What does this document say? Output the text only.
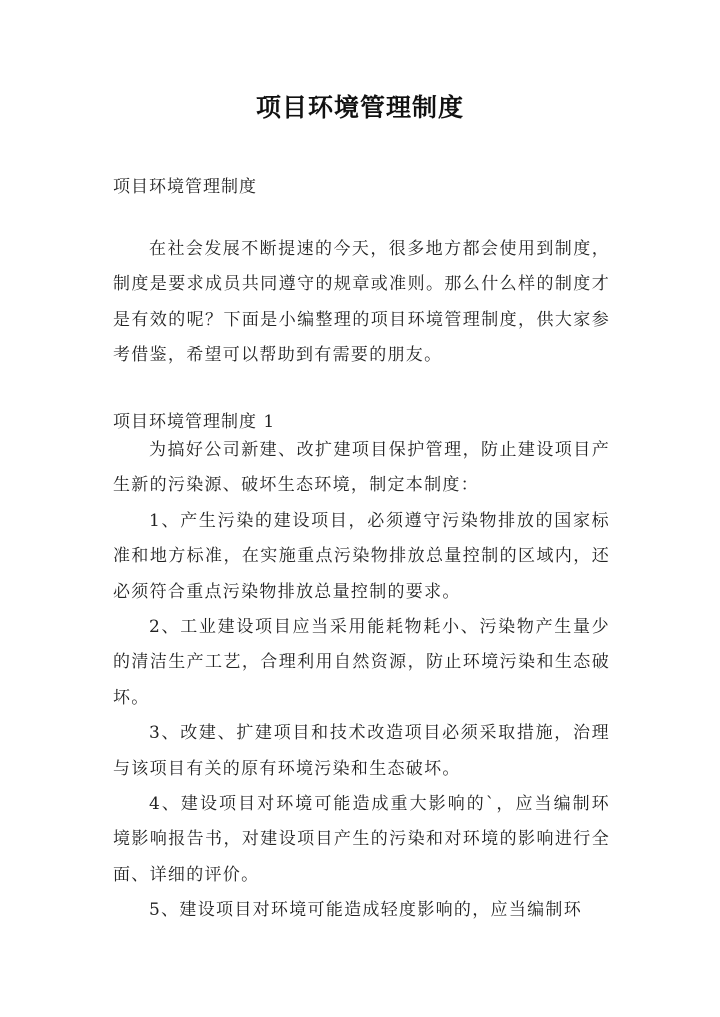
项目环境管理制度
项目环境管理制度
在社会发展不断提速的今天，很多地方都会使用到制度，制度是要求成员共同遵守的规章或准则。那么什么样的制度才是有效的呢？下面是小编整理的项目环境管理制度，供大家参考借鉴，希望可以帮助到有需要的朋友。
项目环境管理制度 1

为搞好公司新建、改扩建项目保护管理，防止建设项目产生新的污染源、破坏生态环境，制定本制度：

1、产生污染的建设项目，必须遵守污染物排放的国家标准和地方标准，在实施重点污染物排放总量控制的区域内，还必须符合重点污染物排放总量控制的要求。

2、工业建设项目应当采用能耗物耗小、污染物产生量少的清洁生产工艺，合理利用自然资源，防止环境污染和生态破坏。

3、改建、扩建项目和技术改造项目必须采取措施，治理与该项目有关的原有环境污染和生态破坏。

4、建设项目对环境可能造成重大影响的`，应当编制环境影响报告书，对建设项目产生的污染和对环境的影响进行全面、详细的评价。

5、建设项目对环境可能造成轻度影响的，应当编制环
